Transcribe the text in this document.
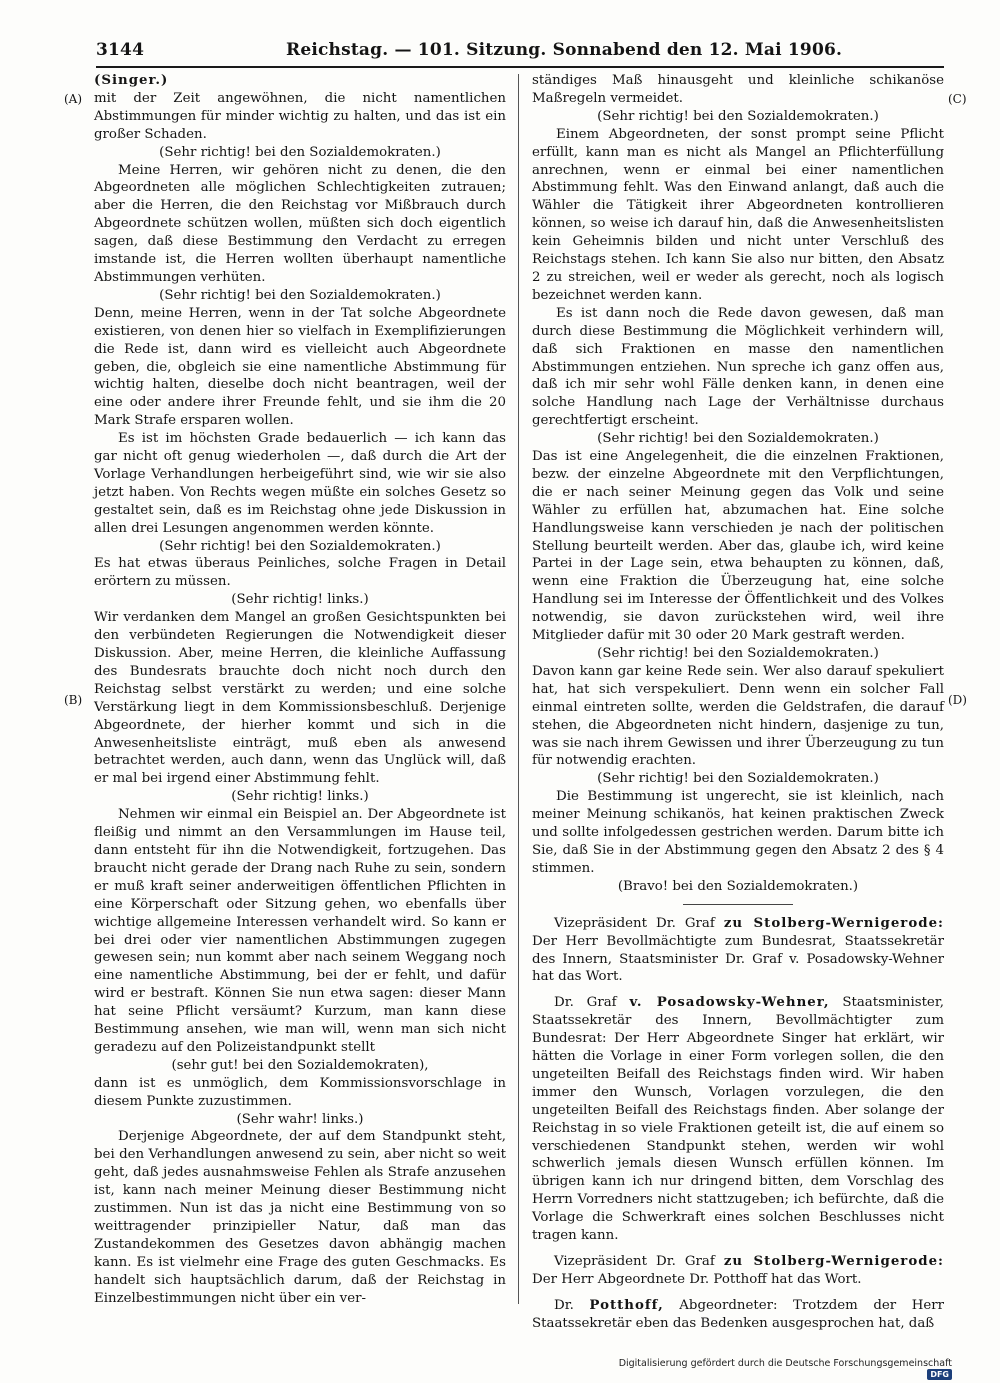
3144	Reichstag. — 101. Sitzung. Sonnabend den 12. Mai 1906.
(A)
(B)
(C)
(D)

(Singer.)

mit der Zeit angewöhnen, die nicht namentlichen Abstimmungen für minder wichtig zu halten, und das ist ein großer Schaden.

(Sehr richtig! bei den Sozialdemokraten.)

Meine Herren, wir gehören nicht zu denen, die den Abgeordneten alle möglichen Schlechtigkeiten zutrauen; aber die Herren, die den Reichstag vor Mißbrauch durch Abgeordnete schützen wollen, müßten sich doch eigentlich sagen, daß diese Bestimmung den Verdacht zu erregen imstande ist, die Herren wollten überhaupt namentliche Abstimmungen verhüten.

(Sehr richtig! bei den Sozialdemokraten.)

Denn, meine Herren, wenn in der Tat solche Abgeordnete existieren, von denen hier so vielfach in Exemplifizierungen die Rede ist, dann wird es vielleicht auch Abgeordnete geben, die, obgleich sie eine namentliche Abstimmung für wichtig halten, dieselbe doch nicht beantragen, weil der eine oder andere ihrer Freunde fehlt, und sie ihm die 20 Mark Strafe ersparen wollen.

Es ist im höchsten Grade bedauerlich — ich kann das gar nicht oft genug wiederholen —, daß durch die Art der Vorlage Verhandlungen herbeigeführt sind, wie wir sie also jetzt haben. Von Rechts wegen müßte ein solches Gesetz so gestaltet sein, daß es im Reichstag ohne jede Diskussion in allen drei Lesungen angenommen werden könnte.

(Sehr richtig! bei den Sozialdemokraten.)

Es hat etwas überaus Peinliches, solche Fragen in Detail erörtern zu müssen.

(Sehr richtig! links.)

Wir verdanken dem Mangel an großen Gesichtspunkten bei den verbündeten Regierungen die Notwendigkeit dieser Diskussion. Aber, meine Herren, die kleinliche Auffassung des Bundesrats brauchte doch nicht noch durch den Reichstag selbst verstärkt zu werden; und eine solche Verstärkung liegt in dem Kommissionsbeschluß. Derjenige Abgeordnete, der hierher kommt und sich in die Anwesenheitsliste einträgt, muß eben als anwesend betrachtet werden, auch dann, wenn das Unglück will, daß er mal bei irgend einer Abstimmung fehlt.

(Sehr richtig! links.)

Nehmen wir einmal ein Beispiel an. Der Abgeordnete ist fleißig und nimmt an den Versammlungen im Hause teil, dann entsteht für ihn die Notwendigkeit, fortzugehen. Das braucht nicht gerade der Drang nach Ruhe zu sein, sondern er muß kraft seiner anderweitigen öffentlichen Pflichten in eine Körperschaft oder Sitzung gehen, wo ebenfalls über wichtige allgemeine Interessen verhandelt wird. So kann er bei drei oder vier namentlichen Abstimmungen zugegen gewesen sein; nun kommt aber nach seinem Weggang noch eine namentliche Abstimmung, bei der er fehlt, und dafür wird er bestraft. Können Sie nun etwa sagen: dieser Mann hat seine Pflicht versäumt? Kurzum, man kann diese Bestimmung ansehen, wie man will, wenn man sich nicht geradezu auf den Polizeistandpunkt stellt

(sehr gut! bei den Sozialdemokraten),

dann ist es unmöglich, dem Kommissionsvorschlage in diesem Punkte zuzustimmen.

(Sehr wahr! links.)

Derjenige Abgeordnete, der auf dem Standpunkt steht, bei den Verhandlungen anwesend zu sein, aber nicht so weit geht, daß jedes ausnahmsweise Fehlen als Strafe anzusehen ist, kann nach meiner Meinung dieser Bestimmung nicht zustimmen. Nun ist das ja nicht eine Bestimmung von so weittragender prinzipieller Natur, daß man das Zustandekommen des Gesetzes davon abhängig machen kann. Es ist vielmehr eine Frage des guten Geschmacks. Es handelt sich hauptsächlich darum, daß der Reichstag in Einzelbestimmungen nicht über ein ver-

ständiges Maß hinausgeht und kleinliche schikanöse Maßregeln vermeidet.

(Sehr richtig! bei den Sozialdemokraten.)

Einem Abgeordneten, der sonst prompt seine Pflicht erfüllt, kann man es nicht als Mangel an Pflichterfüllung anrechnen, wenn er einmal bei einer namentlichen Abstimmung fehlt. Was den Einwand anlangt, daß auch die Wähler die Tätigkeit ihrer Abgeordneten kontrollieren können, so weise ich darauf hin, daß die Anwesenheitslisten kein Geheimnis bilden und nicht unter Verschluß des Reichstags stehen. Ich kann Sie also nur bitten, den Absatz 2 zu streichen, weil er weder als gerecht, noch als logisch bezeichnet werden kann.

Es ist dann noch die Rede davon gewesen, daß man durch diese Bestimmung die Möglichkeit verhindern will, daß sich Fraktionen en masse den namentlichen Abstimmungen entziehen. Nun spreche ich ganz offen aus, daß ich mir sehr wohl Fälle denken kann, in denen eine solche Handlung nach Lage der Verhältnisse durchaus gerechtfertigt erscheint.

(Sehr richtig! bei den Sozialdemokraten.)

Das ist eine Angelegenheit, die die einzelnen Fraktionen, bezw. der einzelne Abgeordnete mit den Verpflichtungen, die er nach seiner Meinung gegen das Volk und seine Wähler zu erfüllen hat, abzumachen hat. Eine solche Handlungsweise kann verschieden je nach der politischen Stellung beurteilt werden. Aber das, glaube ich, wird keine Partei in der Lage sein, etwa behaupten zu können, daß, wenn eine Fraktion die Überzeugung hat, eine solche Handlung sei im Interesse der Öffentlichkeit und des Volkes notwendig, sie davon zurückstehen wird, weil ihre Mitglieder dafür mit 30 oder 20 Mark gestraft werden.

(Sehr richtig! bei den Sozialdemokraten.)

Davon kann gar keine Rede sein. Wer also darauf spekuliert hat, hat sich verspekuliert. Denn wenn ein solcher Fall einmal eintreten sollte, werden die Geldstrafen, die darauf stehen, die Abgeordneten nicht hindern, dasjenige zu tun, was sie nach ihrem Gewissen und ihrer Überzeugung zu tun für notwendig erachten.

(Sehr richtig! bei den Sozialdemokraten.)

Die Bestimmung ist ungerecht, sie ist kleinlich, nach meiner Meinung schikanös, hat keinen praktischen Zweck und sollte infolgedessen gestrichen werden. Darum bitte ich Sie, daß Sie in der Abstimmung gegen den Absatz 2 des § 4 stimmen.

(Bravo! bei den Sozialdemokraten.)

Vizepräsident Dr. Graf zu Stolberg-Wernigerode: Der Herr Bevollmächtigte zum Bundesrat, Staatssekretär des Innern, Staatsminister Dr. Graf v. Posadowsky-Wehner hat das Wort.

Dr. Graf v. Posadowsky-Wehner, Staatsminister, Staatssekretär des Innern, Bevollmächtigter zum Bundesrat: Der Herr Abgeordnete Singer hat erklärt, wir hätten die Vorlage in einer Form vorlegen sollen, die den ungeteilten Beifall des Reichstags finden wird. Wir haben immer den Wunsch, Vorlagen vorzulegen, die den ungeteilten Beifall des Reichstags finden. Aber solange der Reichstag in so viele Fraktionen geteilt ist, die auf einem so verschiedenen Standpunkt stehen, werden wir wohl schwerlich jemals diesen Wunsch erfüllen können. Im übrigen kann ich nur dringend bitten, dem Vorschlag des Herrn Vorredners nicht stattzugeben; ich befürchte, daß die Vorlage die Schwerkraft eines solchen Beschlusses nicht tragen kann.

Vizepräsident Dr. Graf zu Stolberg-Wernigerode: Der Herr Abgeordnete Dr. Potthoff hat das Wort.

Dr. Potthoff, Abgeordneter: Trotzdem der Herr Staatssekretär eben das Bedenken ausgesprochen hat, daß

Digitalisierung gefördert durch die Deutsche Forschungsgemeinschaft DFG
